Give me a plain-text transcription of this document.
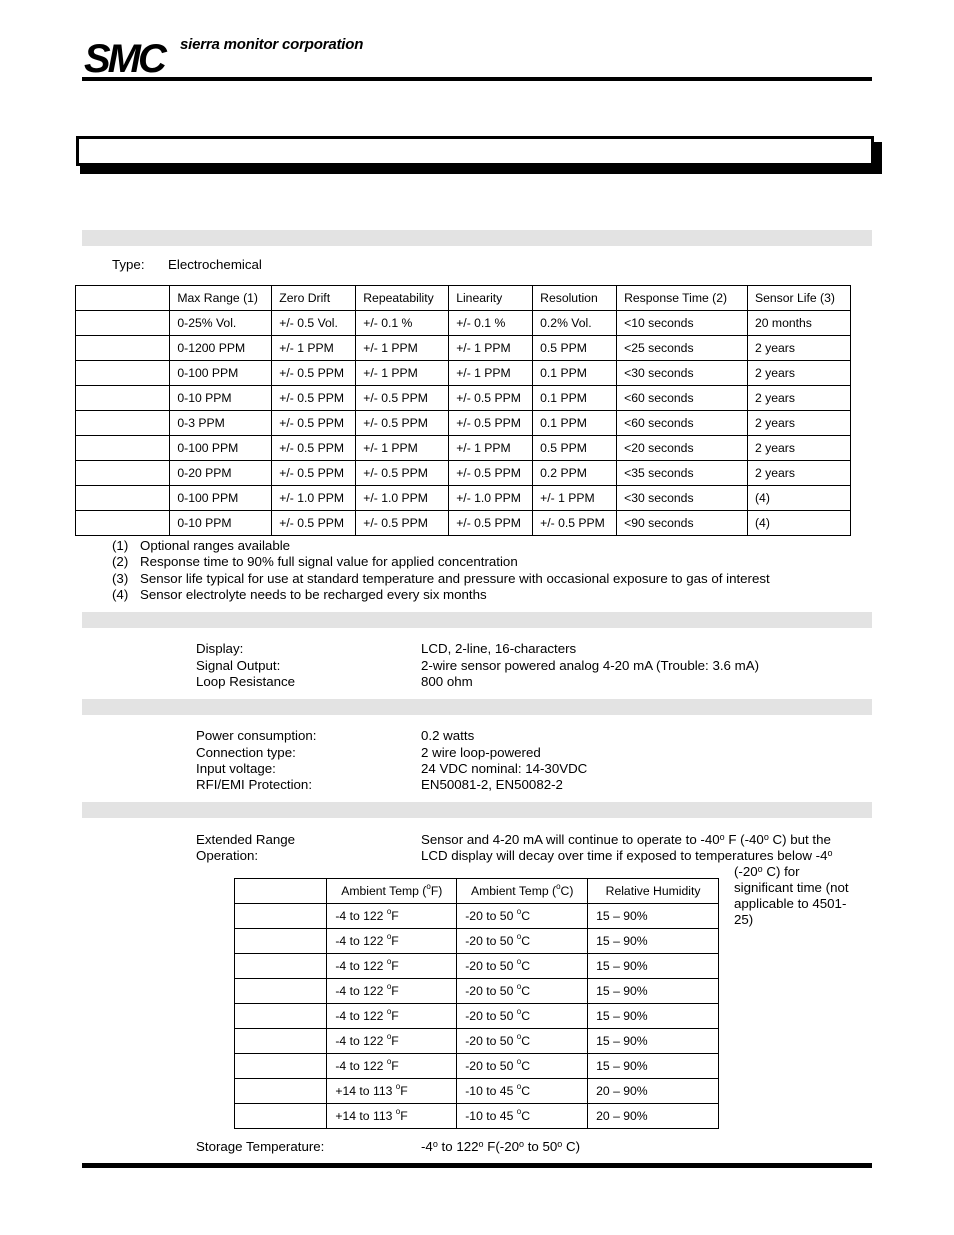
SMC sierra monitor corporation
Type: Electrochemical
	Max Range (1)	Zero Drift	Repeatability	Linearity	Resolution	Response Time (2)	Sensor Life (3)
	0-25% Vol.	+/- 0.5 Vol.	+/- 0.1 %	+/- 0.1 %	0.2% Vol.	<10 seconds	20 months
	0-1200 PPM	+/- 1 PPM	+/- 1 PPM	+/- 1 PPM	0.5 PPM	<25 seconds	2 years
	0-100 PPM	+/- 0.5 PPM	+/- 1 PPM	+/- 1 PPM	0.1 PPM	<30 seconds	2 years
	0-10 PPM	+/- 0.5 PPM	+/- 0.5 PPM	+/- 0.5 PPM	0.1 PPM	<60 seconds	2 years
	0-3 PPM	+/- 0.5 PPM	+/- 0.5 PPM	+/- 0.5 PPM	0.1 PPM	<60 seconds	2 years
	0-100 PPM	+/- 0.5 PPM	+/- 1 PPM	+/- 1 PPM	0.5 PPM	<20 seconds	2 years
	0-20 PPM	+/- 0.5 PPM	+/- 0.5 PPM	+/- 0.5 PPM	0.2 PPM	<35 seconds	2 years
	0-100 PPM	+/- 1.0 PPM	+/- 1.0 PPM	+/- 1.0 PPM	+/- 1 PPM	<30 seconds	(4)
	0-10 PPM	+/- 0.5 PPM	+/- 0.5 PPM	+/- 0.5 PPM	+/- 0.5 PPM	<90 seconds	(4)
(1) Optional ranges available
(2) Response time to 90% full signal value for applied concentration
(3) Sensor life typical for use at standard temperature and pressure with occasional exposure to gas of interest
(4) Sensor electrolyte needs to be recharged every six months
Display:	LCD, 2-line, 16-characters
Signal Output:	2-wire sensor powered analog 4-20 mA (Trouble: 3.6 mA)
Loop Resistance	800 ohm
Power consumption:	0.2 watts
Connection type:	2 wire loop-powered
Input voltage:	24 VDC nominal: 14-30VDC
RFI/EMI Protection:	EN50081-2, EN50082-2
Extended Range
Operation:
Sensor and 4-20 mA will continue to operate to -40$^o$ F (-40$^o$ C) but the
LCD display will decay over time if exposed to temperatures below -4$^o$
(-20$^o$ C) for
significant time (not
applicable to 4501-
25)
	Ambient Temp ($^o$F)	Ambient Temp ($^o$C)	Relative Humidity
	-4 to 122 $^o$F	-20 to 50 $^o$C	15 – 90%
	-4 to 122 $^o$F	-20 to 50 $^o$C	15 – 90%
	-4 to 122 $^o$F	-20 to 50 $^o$C	15 – 90%
	-4 to 122 $^o$F	-20 to 50 $^o$C	15 – 90%
	-4 to 122 $^o$F	-20 to 50 $^o$C	15 – 90%
	-4 to 122 $^o$F	-20 to 50 $^o$C	15 – 90%
	-4 to 122 $^o$F	-20 to 50 $^o$C	15 – 90%
	+14 to 113 $^o$F	-10 to 45 $^o$C	20 – 90%
	+14 to 113 $^o$F	-10 to 45 $^o$C	20 – 90%
Storage Temperature:	-4$^o$ to 122$^o$ F(-20$^o$ to 50$^o$ C)
